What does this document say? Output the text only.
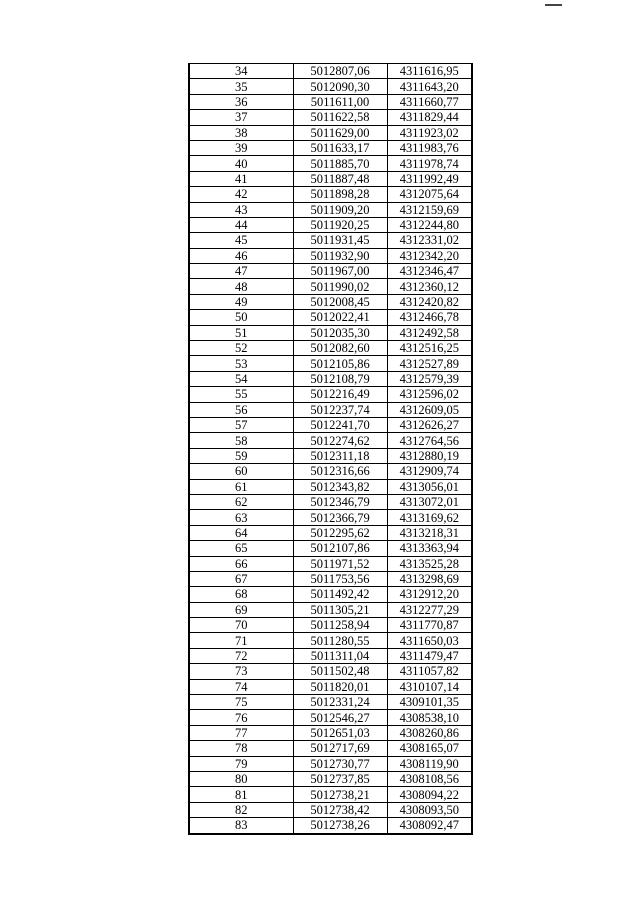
34	5012807,06	4311616,95
35	5012090,30	4311643,20
36	5011611,00	4311660,77
37	5011622,58	4311829,44
38	5011629,00	4311923,02
39	5011633,17	4311983,76
40	5011885,70	4311978,74
41	5011887,48	4311992,49
42	5011898,28	4312075,64
43	5011909,20	4312159,69
44	5011920,25	4312244,80
45	5011931,45	4312331,02
46	5011932,90	4312342,20
47	5011967,00	4312346,47
48	5011990,02	4312360,12
49	5012008,45	4312420,82
50	5012022,41	4312466,78
51	5012035,30	4312492,58
52	5012082,60	4312516,25
53	5012105,86	4312527,89
54	5012108,79	4312579,39
55	5012216,49	4312596,02
56	5012237,74	4312609,05
57	5012241,70	4312626,27
58	5012274,62	4312764,56
59	5012311,18	4312880,19
60	5012316,66	4312909,74
61	5012343,82	4313056,01
62	5012346,79	4313072,01
63	5012366,79	4313169,62
64	5012295,62	4313218,31
65	5012107,86	4313363,94
66	5011971,52	4313525,28
67	5011753,56	4313298,69
68	5011492,42	4312912,20
69	5011305,21	4312277,29
70	5011258,94	4311770,87
71	5011280,55	4311650,03
72	5011311,04	4311479,47
73	5011502,48	4311057,82
74	5011820,01	4310107,14
75	5012331,24	4309101,35
76	5012546,27	4308538,10
77	5012651,03	4308260,86
78	5012717,69	4308165,07
79	5012730,77	4308119,90
80	5012737,85	4308108,56
81	5012738,21	4308094,22
82	5012738,42	4308093,50
83	5012738,26	4308092,47
